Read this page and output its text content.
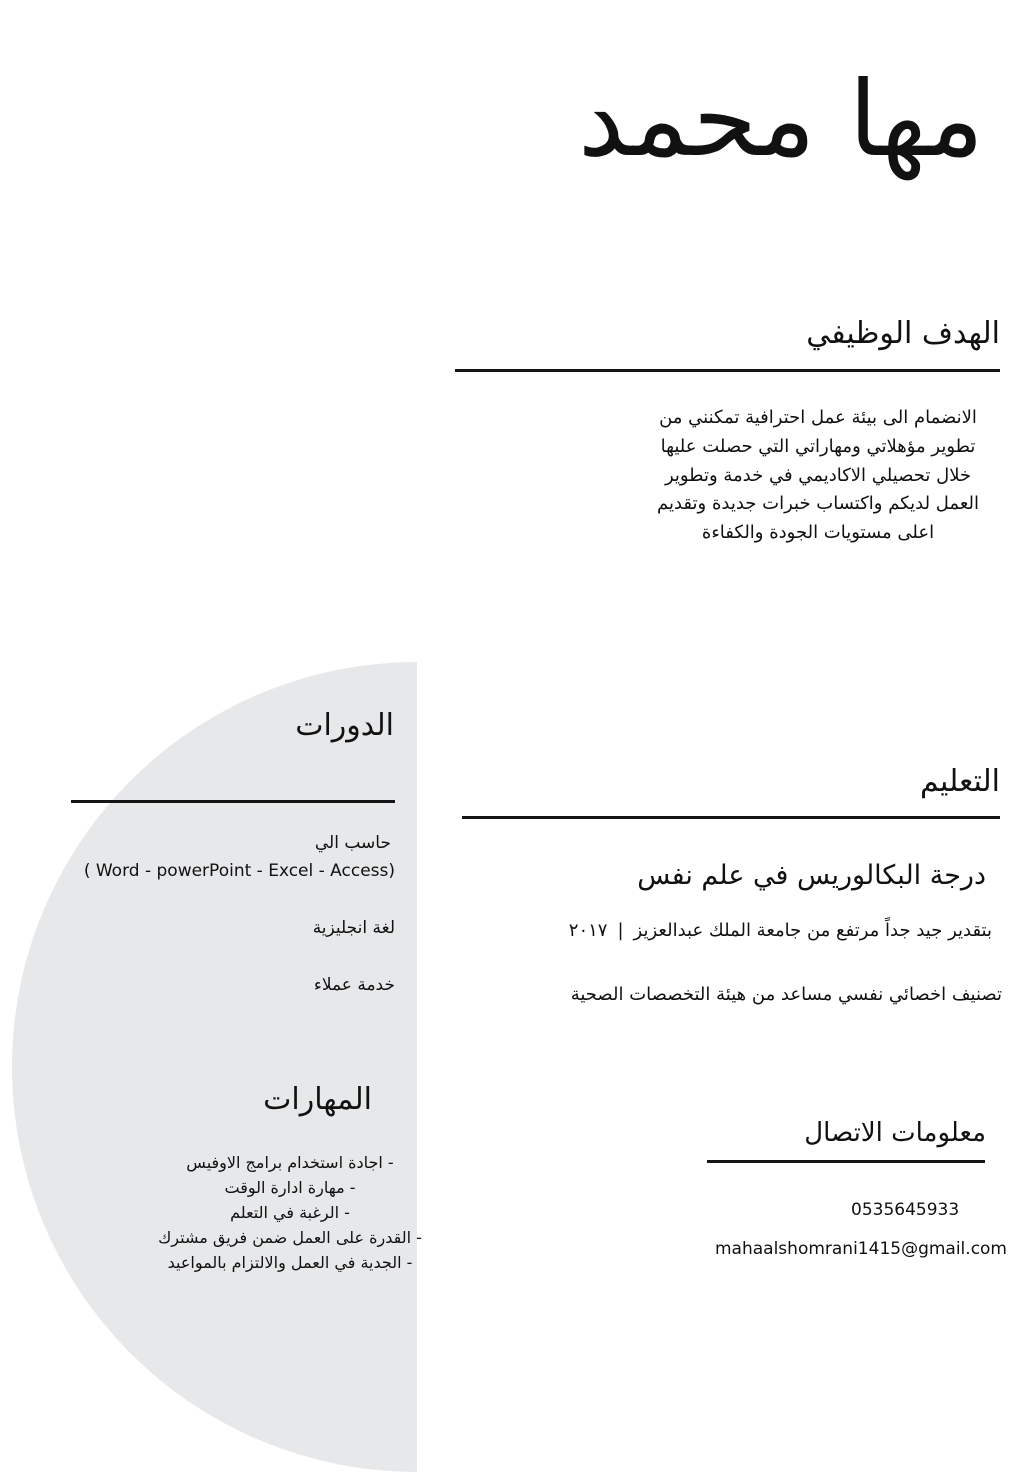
مها محمد
الهدف الوظيفي
الانضمام الى بيئة عمل احترافية تمكنني من
تطوير مؤهلاتي ومهاراتي التي حصلت عليها
خلال تحصيلي الاكاديمي في خدمة وتطوير
العمل لديكم واكتساب خبرات جديدة وتقديم
اعلى مستويات الجودة والكفاءة
التعليم
درجة البكالوريس في علم نفس
بتقدير جيد جداً مرتفع من جامعة الملك عبدالعزيز
|
٢٠١٧
تصنيف اخصائي نفسي مساعد من هيئة التخصصات الصحية
معلومات الاتصال
0535645933
mahaalshomrani1415@gmail.com
الدورات
حاسب الي
( Word - powerPoint - Excel - Access)
لغة انجليزية
خدمة عملاء
المهارات
- اجادة استخدام برامج الاوفيس
- مهارة ادارة الوقت
- الرغبة في التعلم
- القدرة على العمل ضمن فريق مشترك
- الجدية في العمل والالتزام بالمواعيد
